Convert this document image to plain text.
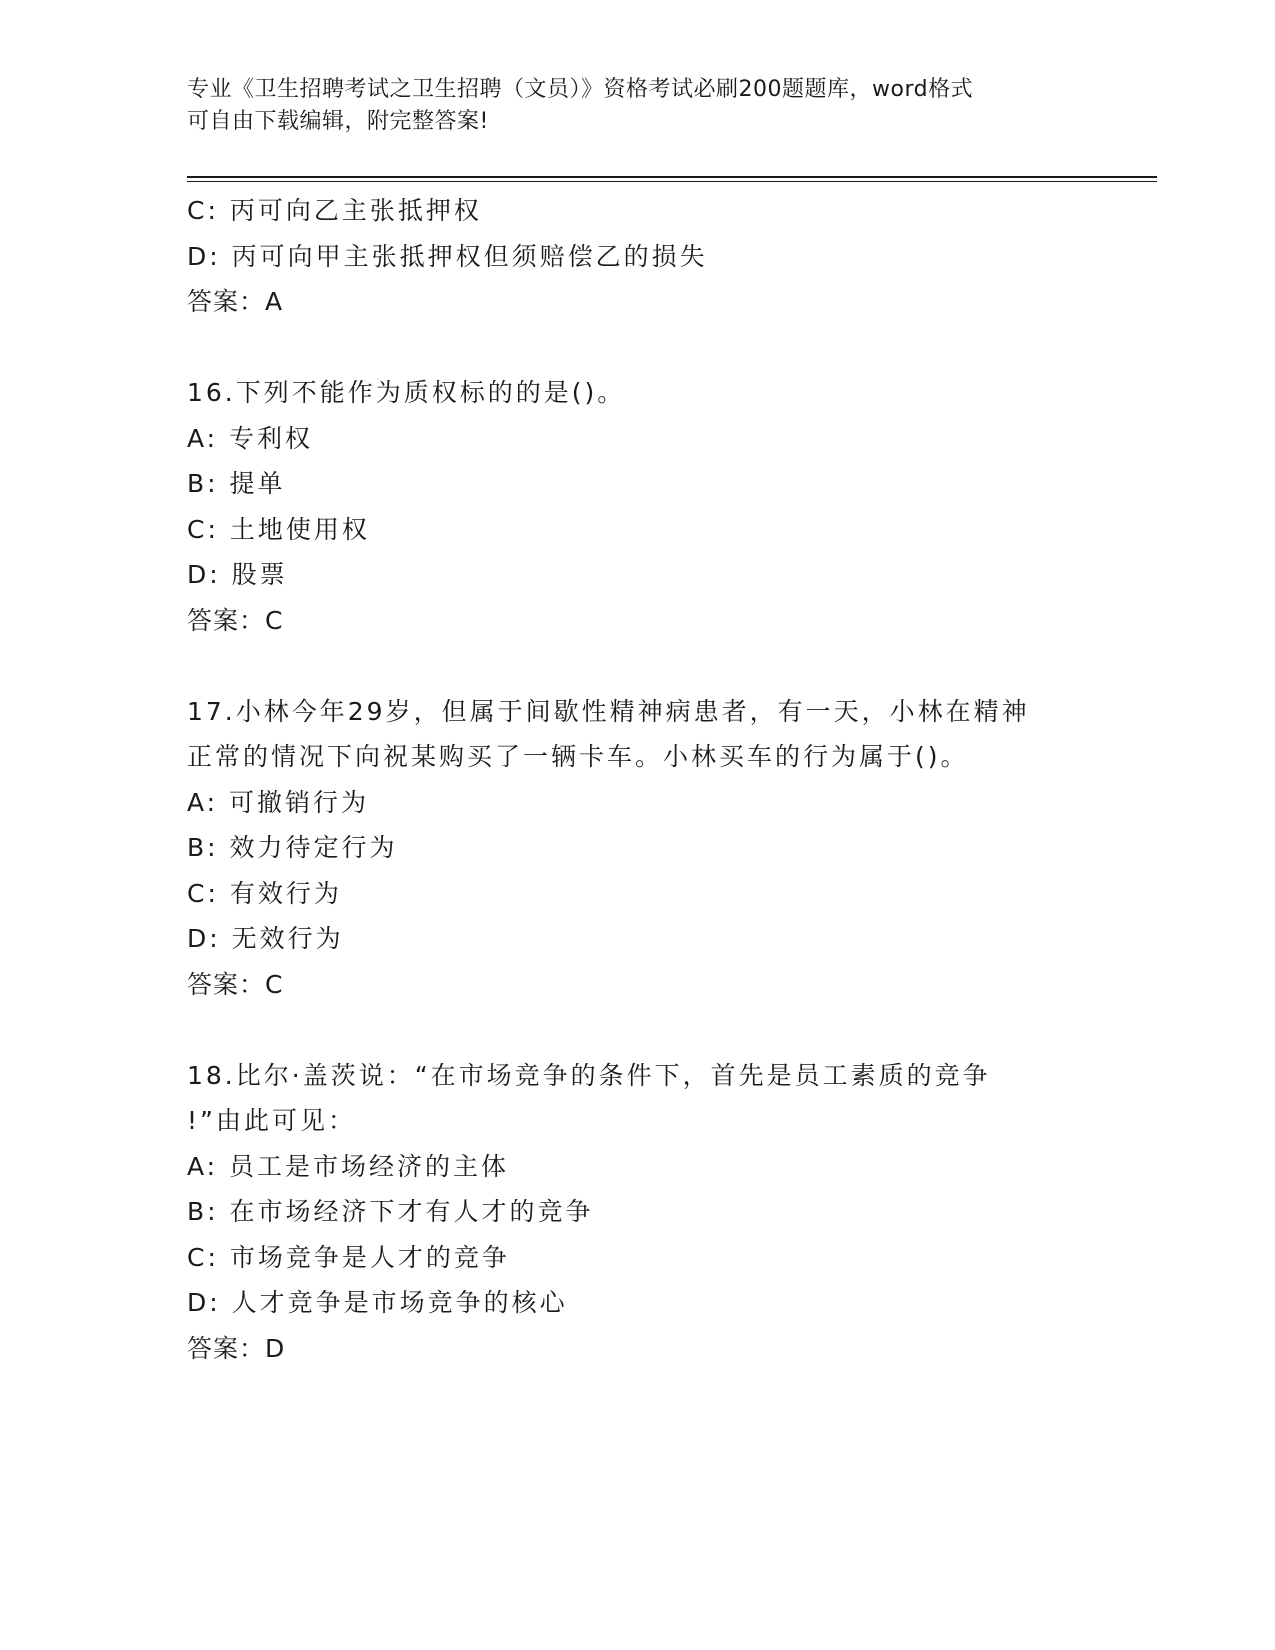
专业《卫生招聘考试之卫生招聘（文员）》资格考试必刷200题题库，word格式
可自由下载编辑，附完整答案!
C: 丙可向乙主张抵押权
D: 丙可向甲主张抵押权但须赔偿乙的损失
答案：A
16.下列不能作为质权标的的是()。
A: 专利权
B: 提单
C: 土地使用权
D: 股票
答案：C
17.小林今年29岁，但属于间歇性精神病患者，有一天，小林在精神
正常的情况下向祝某购买了一辆卡车。小林买车的行为属于()。
A: 可撤销行为
B: 效力待定行为
C: 有效行为
D: 无效行为
答案：C
18.比尔·盖茨说：“在市场竞争的条件下，首先是员工素质的竞争
!”由此可见：
A: 员工是市场经济的主体
B: 在市场经济下才有人才的竞争
C: 市场竞争是人才的竞争
D: 人才竞争是市场竞争的核心
答案：D
